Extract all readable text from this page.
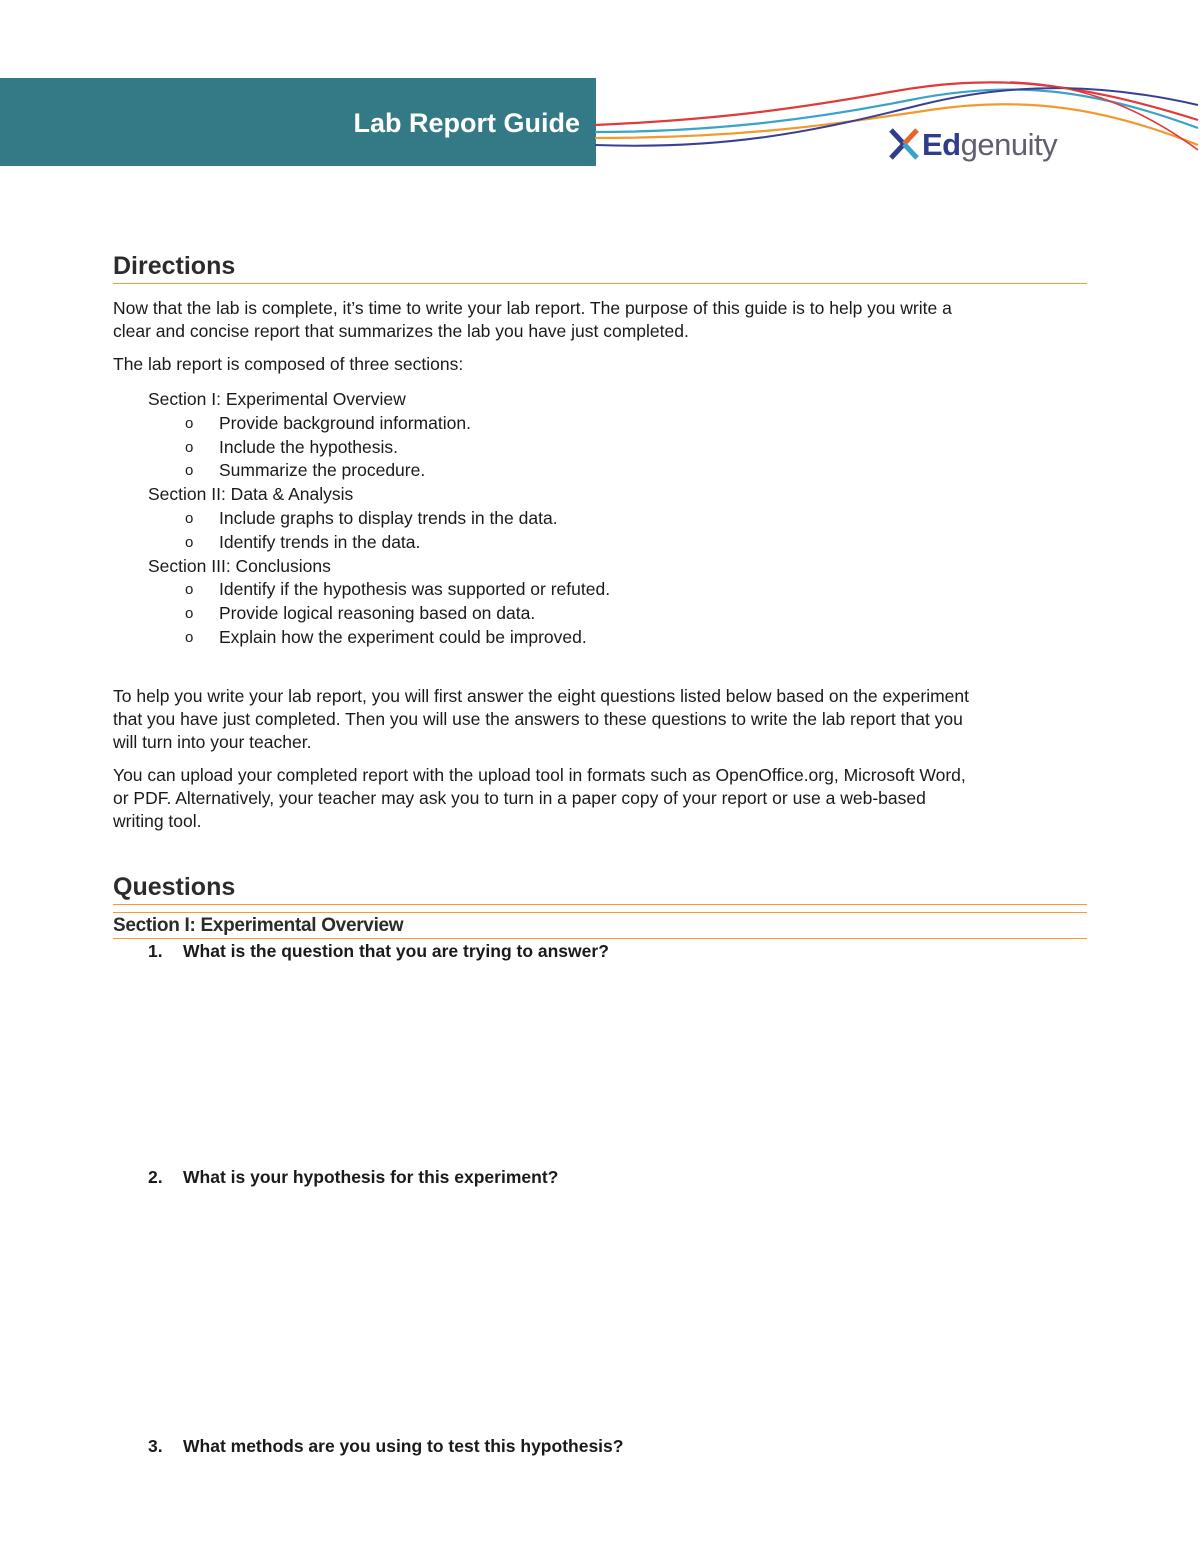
Lab Report Guide
Edgenuity
Directions
Now that the lab is complete, it’s time to write your lab report. The purpose of this guide is to help you write a
clear and concise report that summarizes the lab you have just completed.
The lab report is composed of three sections:
Section I: Experimental Overview
o Provide background information.
o Include the hypothesis.
o Summarize the procedure.
Section II: Data & Analysis
o Include graphs to display trends in the data.
o Identify trends in the data.
Section III: Conclusions
o Identify if the hypothesis was supported or refuted.
o Provide logical reasoning based on data.
o Explain how the experiment could be improved.
To help you write your lab report, you will first answer the eight questions listed below based on the experiment
that you have just completed. Then you will use the answers to these questions to write the lab report that you
will turn into your teacher.
You can upload your completed report with the upload tool in formats such as OpenOffice.org, Microsoft Word,
or PDF. Alternatively, your teacher may ask you to turn in a paper copy of your report or use a web-based
writing tool.
Questions
Section I: Experimental Overview
1. What is the question that you are trying to answer?
2. What is your hypothesis for this experiment?
3. What methods are you using to test this hypothesis?
